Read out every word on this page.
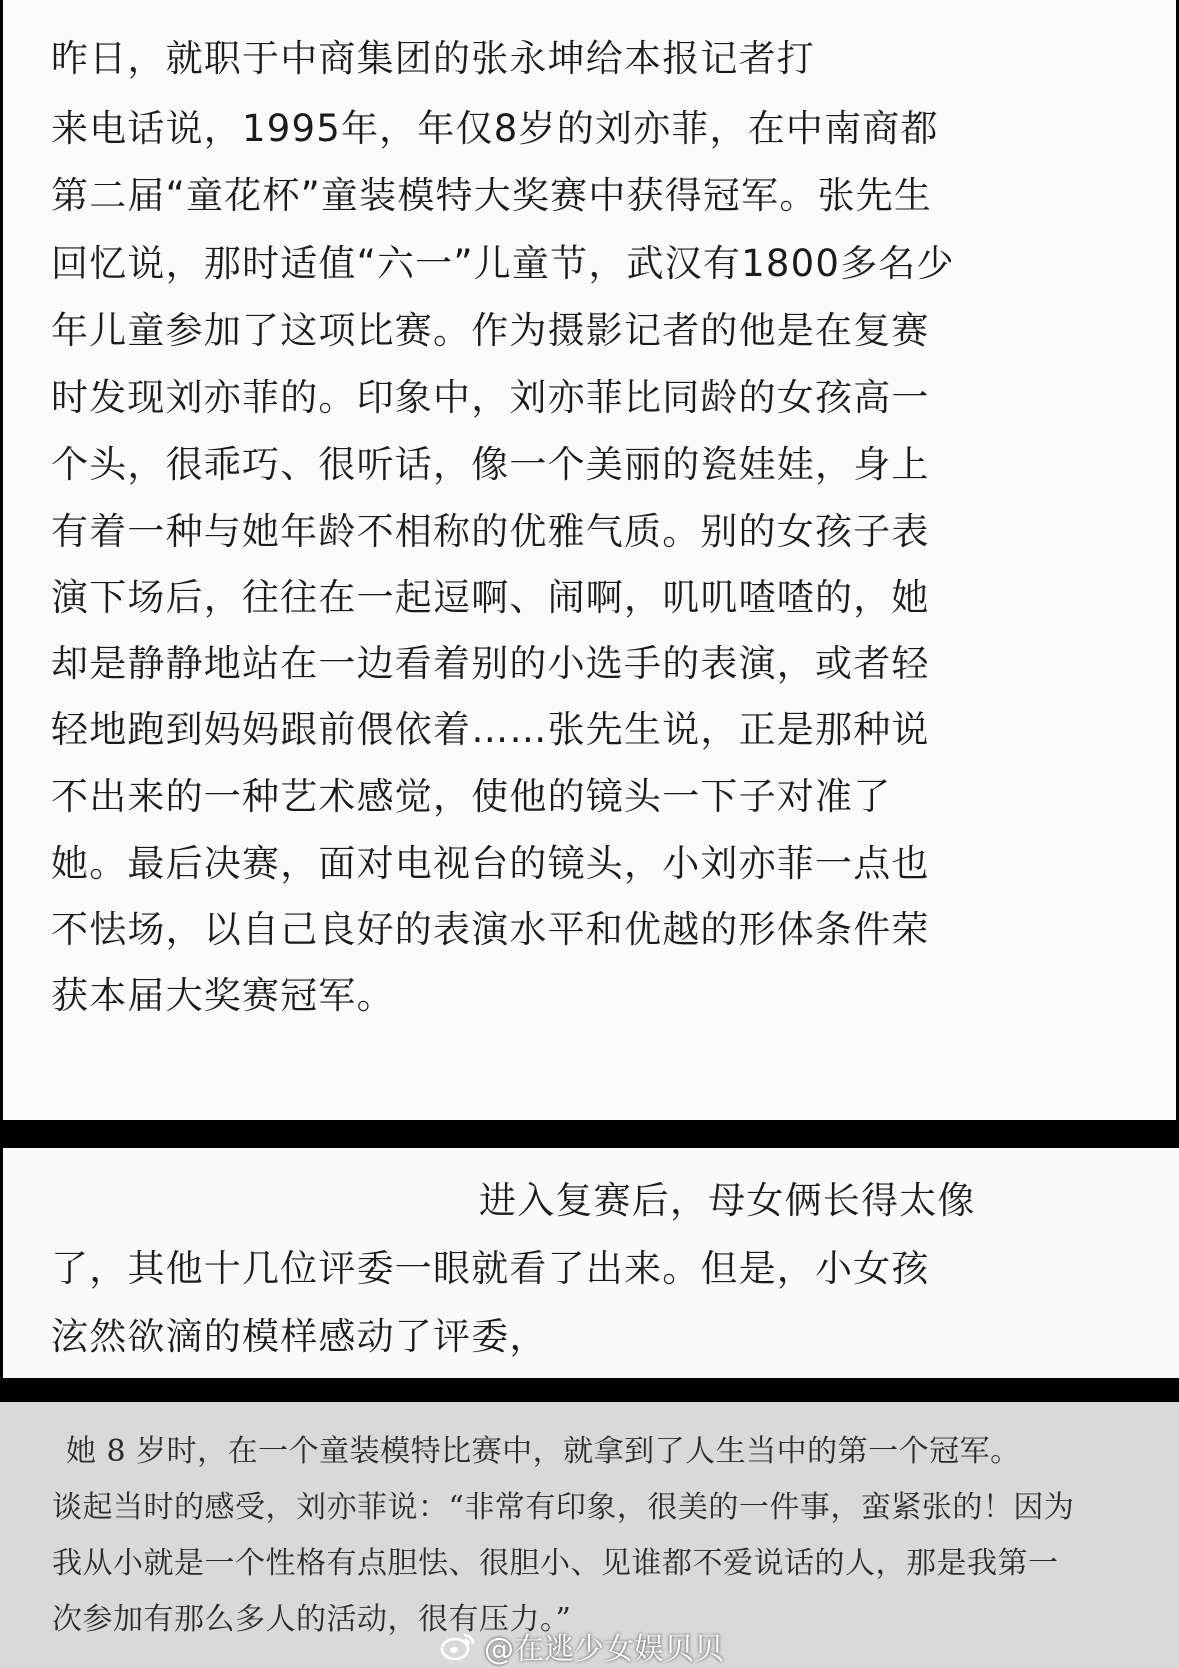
昨日，就职于中商集团的张永坤给本报记者打
来电话说，1995年，年仅8岁的刘亦菲，在中南商都
第二届“童花杯”童装模特大奖赛中获得冠军。张先生
回忆说，那时适值“六一”儿童节，武汉有1800多名少
年儿童参加了这项比赛。作为摄影记者的他是在复赛
时发现刘亦菲的。印象中，刘亦菲比同龄的女孩高一
个头，很乖巧、很听话，像一个美丽的瓷娃娃，身上
有着一种与她年龄不相称的优雅气质。别的女孩子表
演下场后，往往在一起逗啊、闹啊，叽叽喳喳的，她
却是静静地站在一边看着别的小选手的表演，或者轻
轻地跑到妈妈跟前偎依着……张先生说，正是那种说
不出来的一种艺术感觉，使他的镜头一下子对准了
她。最后决赛，面对电视台的镜头，小刘亦菲一点也
不怯场，以自己良好的表演水平和优越的形体条件荣
获本届大奖赛冠军。
进入复赛后，母女俩长得太像
了，其他十几位评委一眼就看了出来。但是，小女孩
泫然欲滴的模样感动了评委，
她 8 岁时，在一个童装模特比赛中，就拿到了人生当中的第一个冠军。
谈起当时的感受，刘亦菲说：“非常有印象，很美的一件事，蛮紧张的！因为
我从小就是一个性格有点胆怯、很胆小、见谁都不爱说话的人，那是我第一
次参加有那么多人的活动，很有压力。”
@在逃少女娱贝贝
